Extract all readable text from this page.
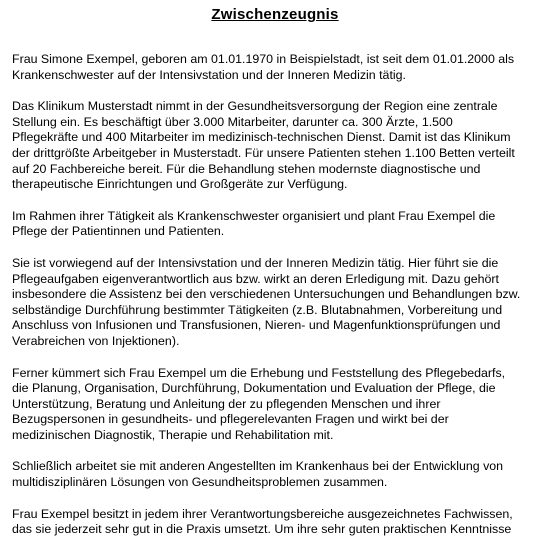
Zwischenzeugnis

Frau Simone Exempel, geboren am 01.01.1970 in Beispielstadt, ist seit dem 01.01.2000 als
Krankenschwester auf der Intensivstation und der Inneren Medizin tätig.

Das Klinikum Musterstadt nimmt in der Gesundheitsversorgung der Region eine zentrale
Stellung ein. Es beschäftigt über 3.000 Mitarbeiter, darunter ca. 300 Ärzte, 1.500
Pflegekräfte und 400 Mitarbeiter im medizinisch-technischen Dienst. Damit ist das Klinikum
der drittgrößte Arbeitgeber in Musterstadt. Für unsere Patienten stehen 1.100 Betten verteilt
auf 20 Fachbereiche bereit. Für die Behandlung stehen modernste diagnostische und
therapeutische Einrichtungen und Großgeräte zur Verfügung.

Im Rahmen ihrer Tätigkeit als Krankenschwester organisiert und plant Frau Exempel die
Pflege der Patientinnen und Patienten.

Sie ist vorwiegend auf der Intensivstation und der Inneren Medizin tätig. Hier führt sie die
Pflegeaufgaben eigenverantwortlich aus bzw. wirkt an deren Erledigung mit. Dazu gehört
insbesondere die Assistenz bei den verschiedenen Untersuchungen und Behandlungen bzw.
selbständige Durchführung bestimmter Tätigkeiten (z.B. Blutabnahmen, Vorbereitung und
Anschluss von Infusionen und Transfusionen, Nieren- und Magenfunktionsprüfungen und
Verabreichen von Injektionen).

Ferner kümmert sich Frau Exempel um die Erhebung und Feststellung des Pflegebedarfs,
die Planung, Organisation, Durchführung, Dokumentation und Evaluation der Pflege, die
Unterstützung, Beratung und Anleitung der zu pflegenden Menschen und ihrer
Bezugspersonen in gesundheits- und pflegerelevanten Fragen und wirkt bei der
medizinischen Diagnostik, Therapie und Rehabilitation mit.

Schließlich arbeitet sie mit anderen Angestellten im Krankenhaus bei der Entwicklung von
multidisziplinären Lösungen von Gesundheitsproblemen zusammen.

Frau Exempel besitzt in jedem ihrer Verantwortungsbereiche ausgezeichnetes Fachwissen,
das sie jederzeit sehr gut in die Praxis umsetzt. Um ihre sehr guten praktischen Kenntnisse
